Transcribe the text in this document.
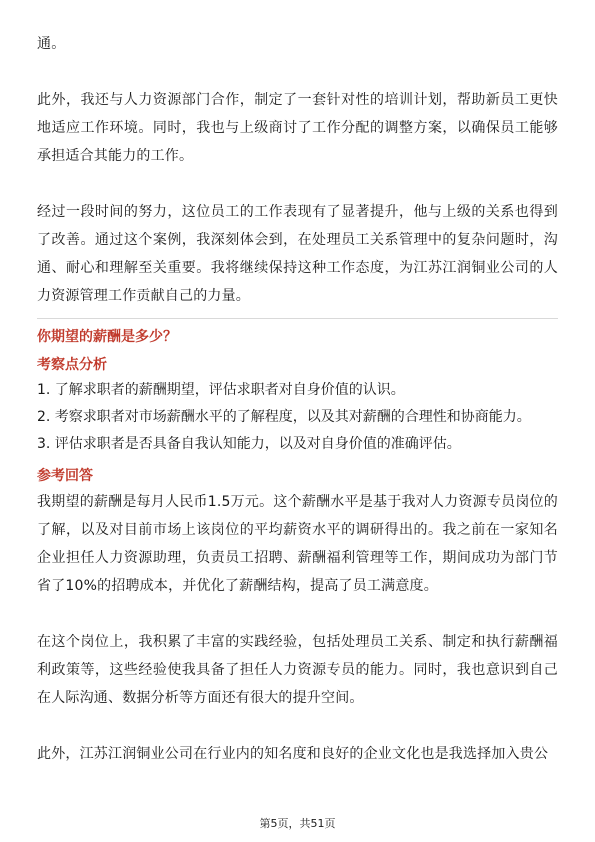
通。

此外，我还与人力资源部门合作，制定了一套针对性的培训计划，帮助新员工更快地适应工作环境。同时，我也与上级商讨了工作分配的调整方案，以确保员工能够承担适合其能力的工作。

经过一段时间的努力，这位员工的工作表现有了显著提升，他与上级的关系也得到了改善。通过这个案例，我深刻体会到，在处理员工关系管理中的复杂问题时，沟通、耐心和理解至关重要。我将继续保持这种工作态度，为江苏江润铜业公司的人力资源管理工作贡献自己的力量。

你期望的薪酬是多少？

考察点分析

1. 了解求职者的薪酬期望，评估求职者对自身价值的认识。

2. 考察求职者对市场薪酬水平的了解程度，以及其对薪酬的合理性和协商能力。

3. 评估求职者是否具备自我认知能力，以及对自身价值的准确评估。

参考回答

我期望的薪酬是每月人民币1.5万元。这个薪酬水平是基于我对人力资源专员岗位的了解，以及对目前市场上该岗位的平均薪资水平的调研得出的。我之前在一家知名企业担任人力资源助理，负责员工招聘、薪酬福利管理等工作，期间成功为部门节省了10%的招聘成本，并优化了薪酬结构，提高了员工满意度。

在这个岗位上，我积累了丰富的实践经验，包括处理员工关系、制定和执行薪酬福利政策等，这些经验使我具备了担任人力资源专员的能力。同时，我也意识到自己在人际沟通、数据分析等方面还有很大的提升空间。

此外，江苏江润铜业公司在行业内的知名度和良好的企业文化也是我选择加入贵公

第5页，共51页
